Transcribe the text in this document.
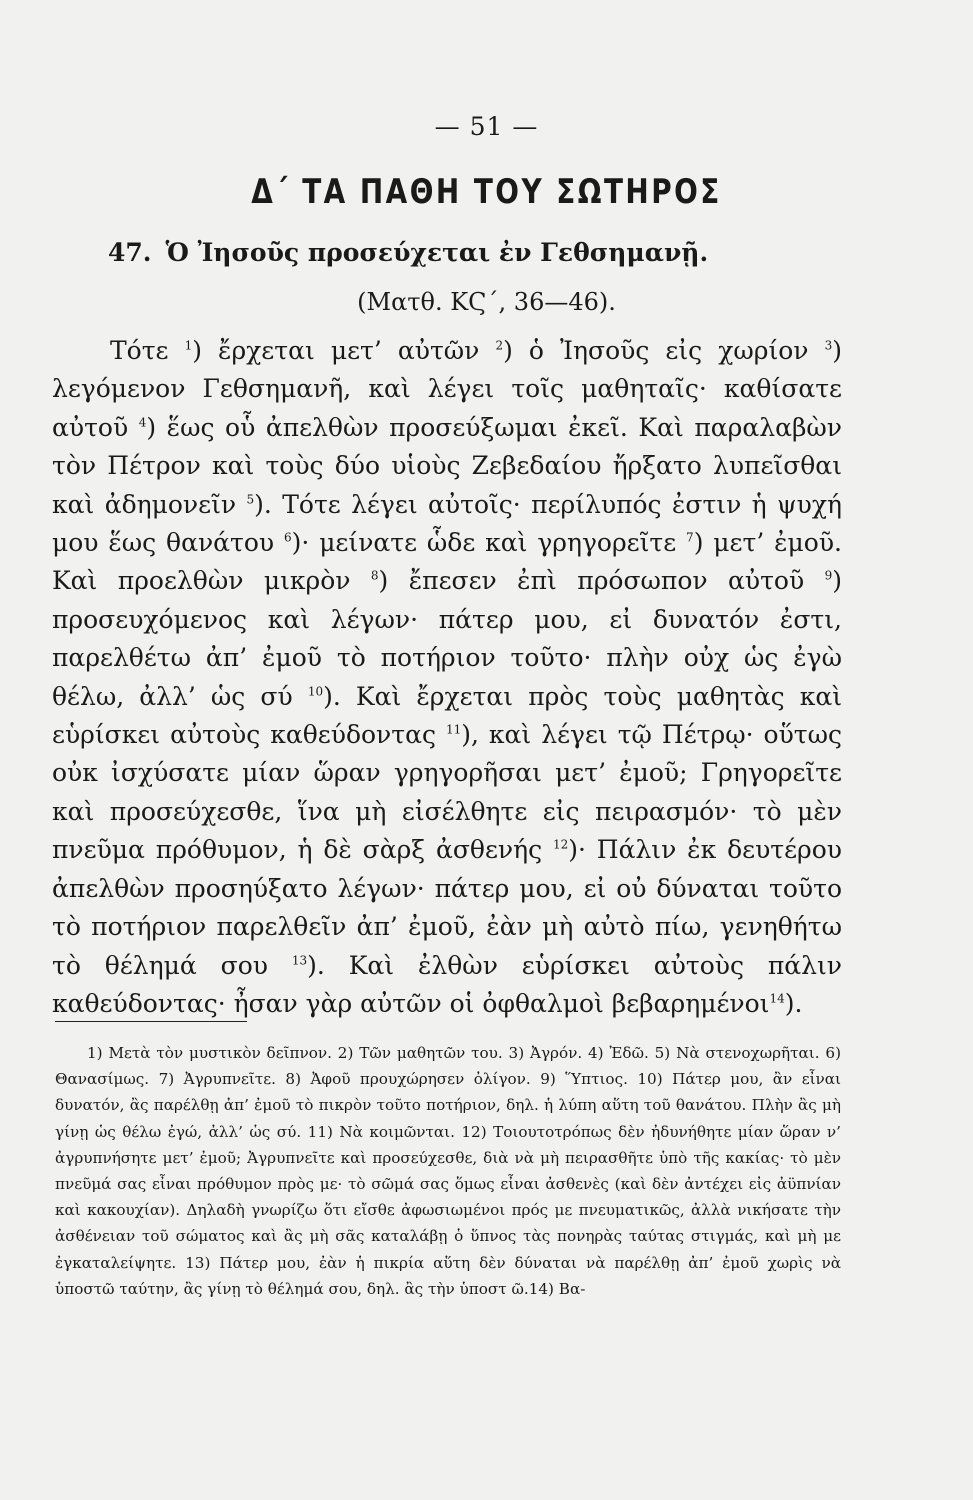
— 51 —
Δ΄ ΤΑ ΠΑΘΗ ΤΟΥ ΣΩΤΗΡΟΣ
47. Ὁ Ἰησοῦς προσεύχεται ἐν Γεθσημανῇ.
(Ματθ. ΚϚ΄, 36—46).

Τότε $^1$) ἔρχεται μετ’ αὐτῶν $^2$) ὁ Ἰησοῦς εἰς χωρίον $^3$) λεγόμενον Γεθσημανῆ, καὶ λέγει τοῖς μαθηταῖς· καθίσατε αὐτοῦ $^4$) ἕως οὗ ἀπελθὼν προσεύξωμαι ἐκεῖ. Καὶ παραλαβὼν τὸν Πέτρον καὶ τοὺς δύο υἱοὺς Ζεβεδαίου ἤρξατο λυπεῖσθαι καὶ ἀδημονεῖν $^5$). Τότε λέγει αὐτοῖς· περίλυπός ἐστιν ἡ ψυχή μου ἕως θανάτου $^6$)· μείνατε ὧδε καὶ γρηγορεῖτε $^7$) μετ’ ἐμοῦ. Καὶ προελθὼν μικρὸν $^8$) ἔπεσεν ἐπὶ πρόσωπον αὐτοῦ $^9$) προσευχόμενος καὶ λέγων· πάτερ μου, εἰ δυνατόν ἐστι, παρελθέτω ἀπ’ ἐμοῦ τὸ ποτήριον τοῦτο· πλὴν οὐχ ὡς ἐγὼ θέλω, ἀλλ’ ὡς σύ $^{10}$). Καὶ ἔρχεται πρὸς τοὺς μαθητὰς καὶ εὑρίσκει αὐτοὺς καθεύδοντας $^{11}$), καὶ λέγει τῷ Πέτρῳ· οὕτως οὐκ ἰσχύσατε μίαν ὥραν γρηγορῆσαι μετ’ ἐμοῦ; Γρηγορεῖτε καὶ προσεύχεσθε, ἵνα μὴ εἰσέλθητε εἰς πειρασμόν· τὸ μὲν πνεῦμα πρόθυμον, ἡ δὲ σὰρξ ἀσθενής $^{12}$)· Πάλιν ἐκ δευτέρου ἀπελθὼν προσηύξατο λέγων· πάτερ μου, εἰ οὐ δύναται τοῦτο τὸ ποτήριον παρελθεῖν ἀπ’ ἐμοῦ, ἐὰν μὴ αὐτὸ πίω, γενηθήτω τὸ θέλημά σου $^{13}$). Καὶ ἐλθὼν εὑρίσκει αὐτοὺς πάλιν καθεύδοντας· ἦσαν γὰρ αὐτῶν οἱ ὀφθαλμοὶ βεβαρημένοι$^{14}$).

1) Μετὰ τὸν μυστικὸν δεῖπνον. 2) Τῶν μαθητῶν του. 3) Ἀγρόν. 4) Ἐδῶ. 5) Νὰ στενοχωρῆται. 6) Θανασίμως. 7) Ἀγρυπνεῖτε. 8) Ἀφοῦ προυχώρησεν ὀλίγον. 9) Ὕπτιος. 10) Πάτερ μου, ἂν εἶναι δυνατόν, ἂς παρέλθῃ ἀπ’ ἐμοῦ τὸ πικρὸν τοῦτο ποτήριον, δηλ. ἡ λύπη αὕτη τοῦ θανάτου. Πλὴν ἂς μὴ γίνῃ ὡς θέλω ἐγώ, ἀλλ’ ὡς σύ. 11) Νὰ κοιμῶνται. 12) Τοιουτοτρόπως δὲν ἠδυνήθητε μίαν ὥραν ν’ ἀγρυπνήσητε μετ’ ἐμοῦ; Ἀγρυπνεῖτε καὶ προσεύχεσθε, διὰ νὰ μὴ πειρασθῆτε ὑπὸ τῆς κακίας· τὸ μὲν πνεῦμά σας εἶναι πρόθυμον πρὸς με· τὸ σῶμά σας ὅμως εἶναι ἀσθενὲς (καὶ δὲν ἀντέχει εἰς ἀϋπνίαν καὶ κακουχίαν). Δηλαδὴ γνωρίζω ὅτι εἴσθε ἀφωσιωμένοι πρός με πνευματικῶς, ἀλλὰ νικήσατε τὴν ἀσθένειαν τοῦ σώματος καὶ ἂς μὴ σᾶς καταλάβῃ ὁ ὕπνος τὰς πονηρὰς ταύτας στιγμάς, καὶ μὴ με ἐγκαταλείψητε. 13) Πάτερ μου, ἐὰν ἡ πικρία αὕτη δὲν δύναται νὰ παρέλθῃ ἀπ’ ἐμοῦ χωρὶς νὰ ὑποστῶ ταύτην, ἂς γίνῃ τὸ θέλημά σου, δηλ. ἂς τὴν ὑποστ ῶ.14) Βα-
